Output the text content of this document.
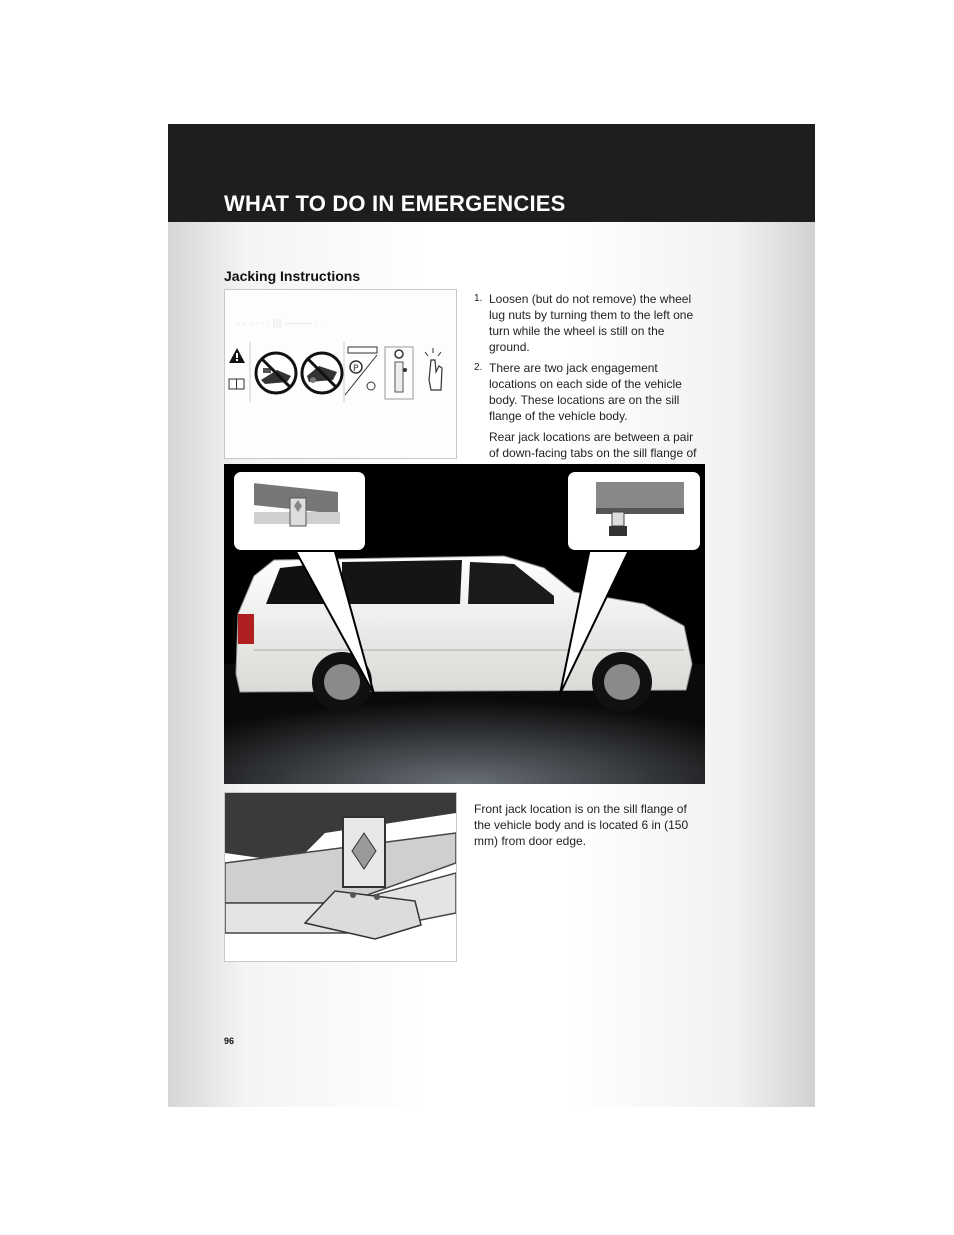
WHAT TO DO IN EMERGENCIES
Jacking Instructions
- - - · · · ||| ——— · ·
P
1. Loosen (but do not remove) the wheel lug nuts by turning them to the left one turn while the wheel is still on the ground.
2. There are two jack engagement locations on each side of the vehicle body. These locations are on the sill flange of the vehicle body.

Rear jack locations are between a pair of down-facing tabs on the sill flange of

Front jack location is on the sill flange of the vehicle body and is located 6 in (150 mm) from door edge.

96
